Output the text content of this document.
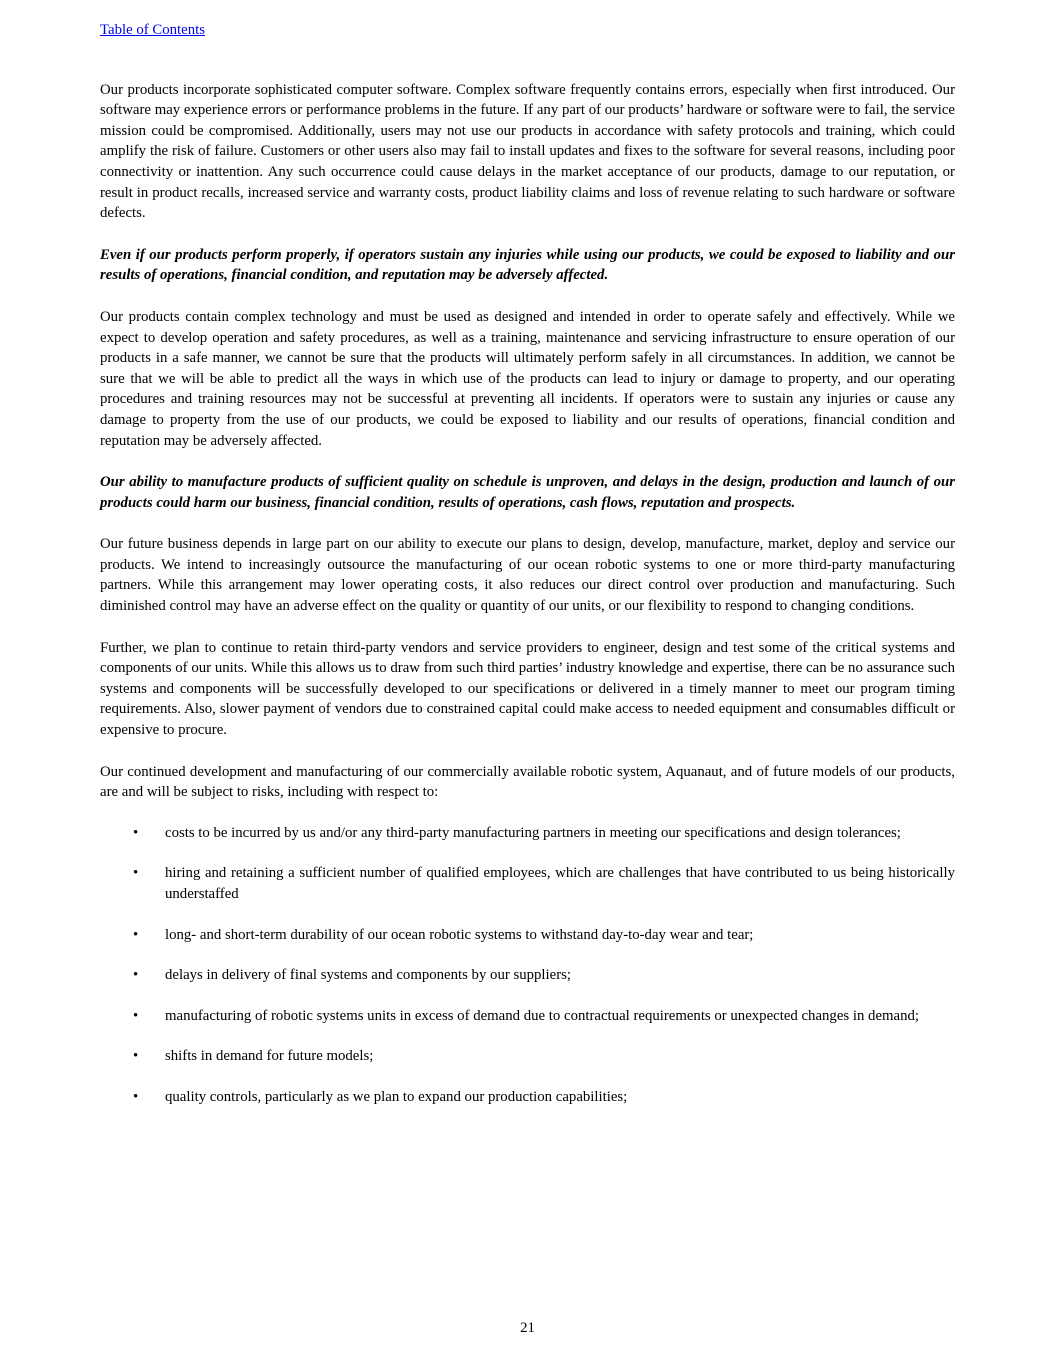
Table of Contents

Our products incorporate sophisticated computer software. Complex software frequently contains errors, especially when first introduced. Our software may experience errors or performance problems in the future. If any part of our products’ hardware or software were to fail, the service mission could be compromised. Additionally, users may not use our products in accordance with safety protocols and training, which could amplify the risk of failure. Customers or other users also may fail to install updates and fixes to the software for several reasons, including poor connectivity or inattention. Any such occurrence could cause delays in the market acceptance of our products, damage to our reputation, or result in product recalls, increased service and warranty costs, product liability claims and loss of revenue relating to such hardware or software defects.

Even if our products perform properly, if operators sustain any injuries while using our products, we could be exposed to liability and our results of operations, financial condition, and reputation may be adversely affected.

Our products contain complex technology and must be used as designed and intended in order to operate safely and effectively. While we expect to develop operation and safety procedures, as well as a training, maintenance and servicing infrastructure to ensure operation of our products in a safe manner, we cannot be sure that the products will ultimately perform safely in all circumstances. In addition, we cannot be sure that we will be able to predict all the ways in which use of the products can lead to injury or damage to property, and our operating procedures and training resources may not be successful at preventing all incidents. If operators were to sustain any injuries or cause any damage to property from the use of our products, we could be exposed to liability and our results of operations, financial condition and reputation may be adversely affected.

Our ability to manufacture products of sufficient quality on schedule is unproven, and delays in the design, production and launch of our products could harm our business, financial condition, results of operations, cash flows, reputation and prospects.

Our future business depends in large part on our ability to execute our plans to design, develop, manufacture, market, deploy and service our products. We intend to increasingly outsource the manufacturing of our ocean robotic systems to one or more third-party manufacturing partners. While this arrangement may lower operating costs, it also reduces our direct control over production and manufacturing. Such diminished control may have an adverse effect on the quality or quantity of our units, or our flexibility to respond to changing conditions.

Further, we plan to continue to retain third-party vendors and service providers to engineer, design and test some of the critical systems and components of our units. While this allows us to draw from such third parties’ industry knowledge and expertise, there can be no assurance such systems and components will be successfully developed to our specifications or delivered in a timely manner to meet our program timing requirements. Also, slower payment of vendors due to constrained capital could make access to needed equipment and consumables difficult or expensive to procure.

Our continued development and manufacturing of our commercially available robotic system, Aquanaut, and of future models of our products, are and will be subject to risks, including with respect to:

• costs to be incurred by us and/or any third-party manufacturing partners in meeting our specifications and design tolerances;
• hiring and retaining a sufficient number of qualified employees, which are challenges that have contributed to us being historically understaffed
• long- and short-term durability of our ocean robotic systems to withstand day-to-day wear and tear;
• delays in delivery of final systems and components by our suppliers;
• manufacturing of robotic systems units in excess of demand due to contractual requirements or unexpected changes in demand;
• shifts in demand for future models;
• quality controls, particularly as we plan to expand our production capabilities;
21
